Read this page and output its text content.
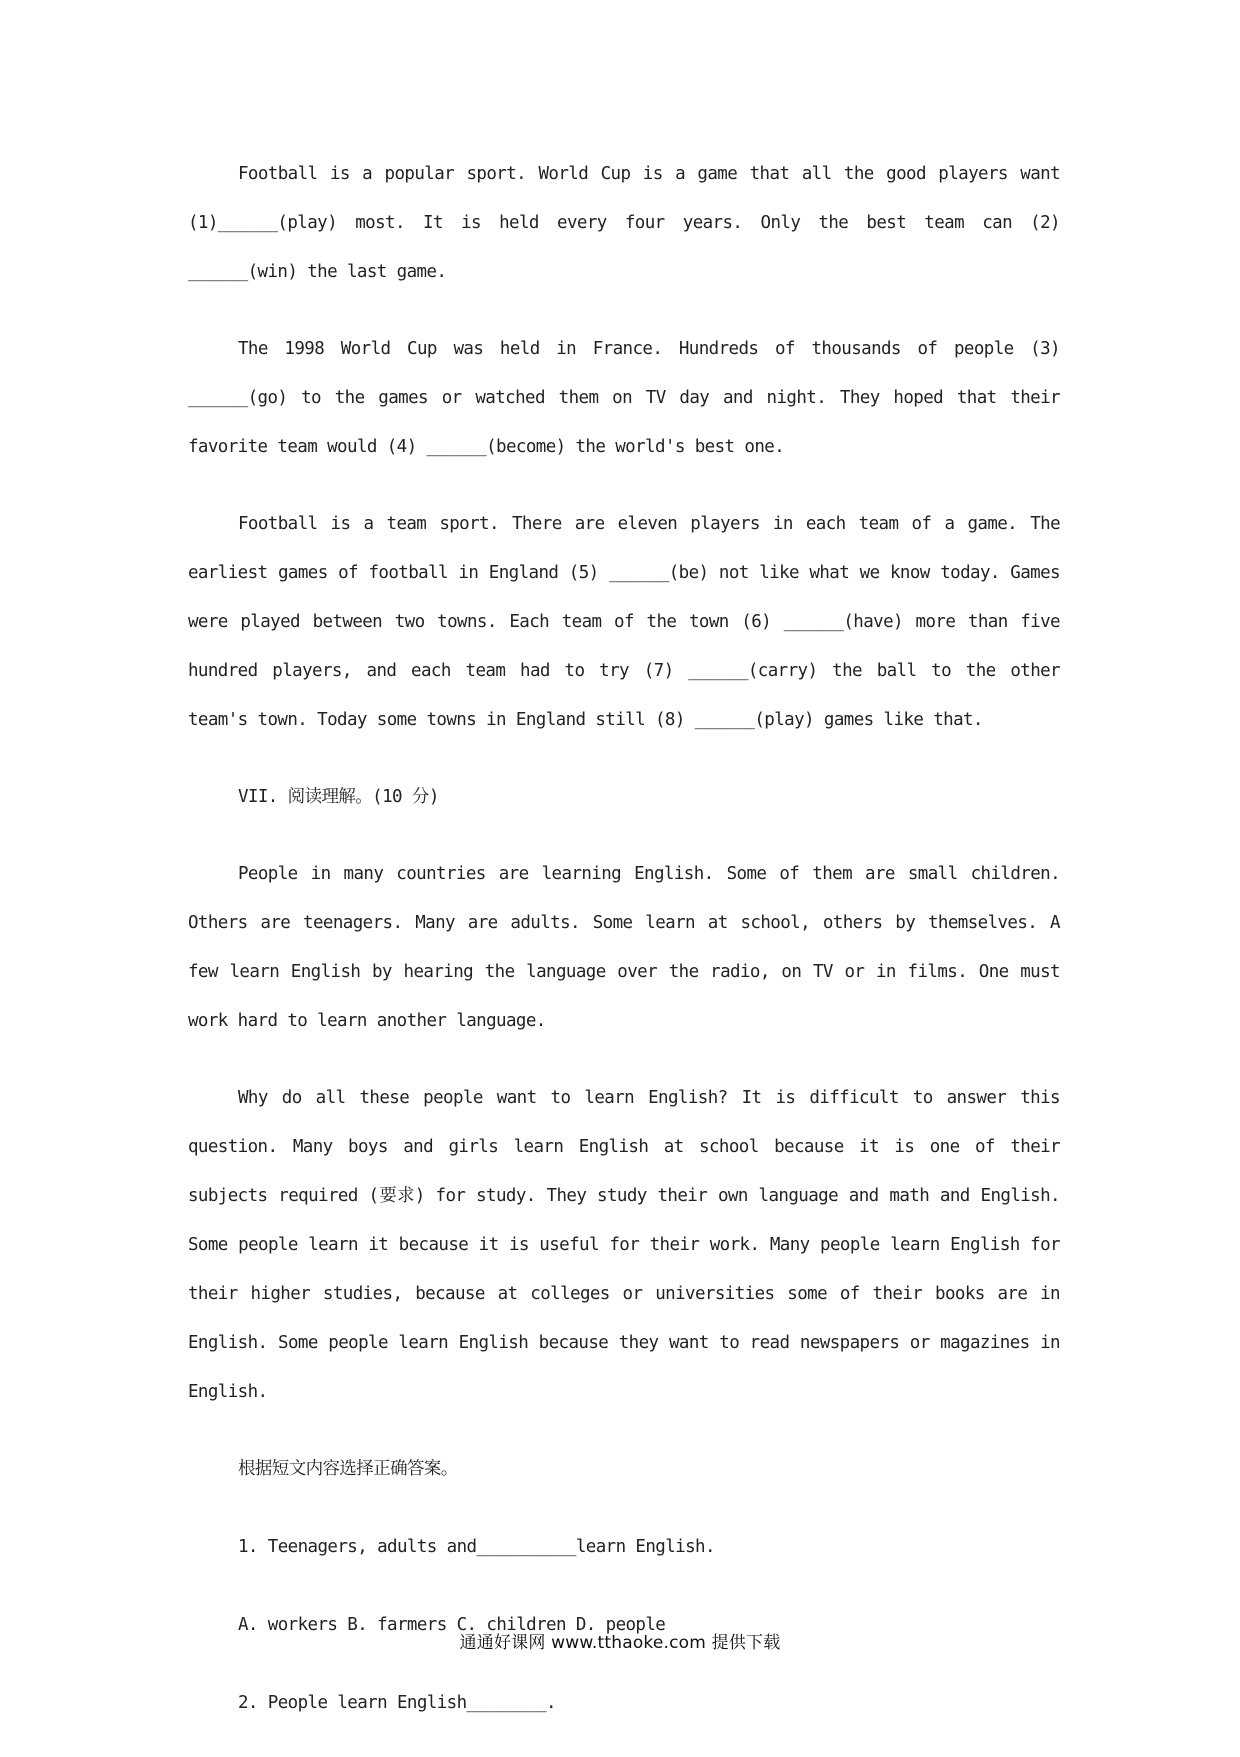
Football is a popular sport. World Cup is a game that all the good players want (1)______(play) most. It is held every four years. Only the best team can (2) ______(win) the last game.

The 1998 World Cup was held in France. Hundreds of thousands of people (3) ______(go) to the games or watched them on TV day and night. They hoped that their favorite team would (4) ______(become) the world's best one.

Football is a team sport. There are eleven players in each team of a game. The earliest games of football in England (5) ______(be) not like what we know today. Games were played between two towns. Each team of the town (6) ______(have) more than five hundred players, and each team had to try (7) ______(carry) the ball to the other team's town. Today some towns in England still (8) ______(play) games like that.

VII. 阅读理解。(10 分)

People in many countries are learning English. Some of them are small children. Others are teenagers. Many are adults. Some learn at school, others by themselves. A few learn English by hearing the language over the radio, on TV or in films. One must work hard to learn another language.

Why do all these people want to learn English? It is difficult to answer this question. Many boys and girls learn English at school because it is one of their subjects required (要求) for study. They study their own language and math and English. Some people learn it because it is useful for their work. Many people learn English for their higher studies, because at colleges or universities some of their books are in English. Some people learn English because they want to read newspapers or magazines in English.

根据短文内容选择正确答案。

1. Teenagers, adults and__________learn English.

A. workers B. farmers C. children D. people

2. People learn English________.

通通好课网 www.tthaoke.com 提供下载
